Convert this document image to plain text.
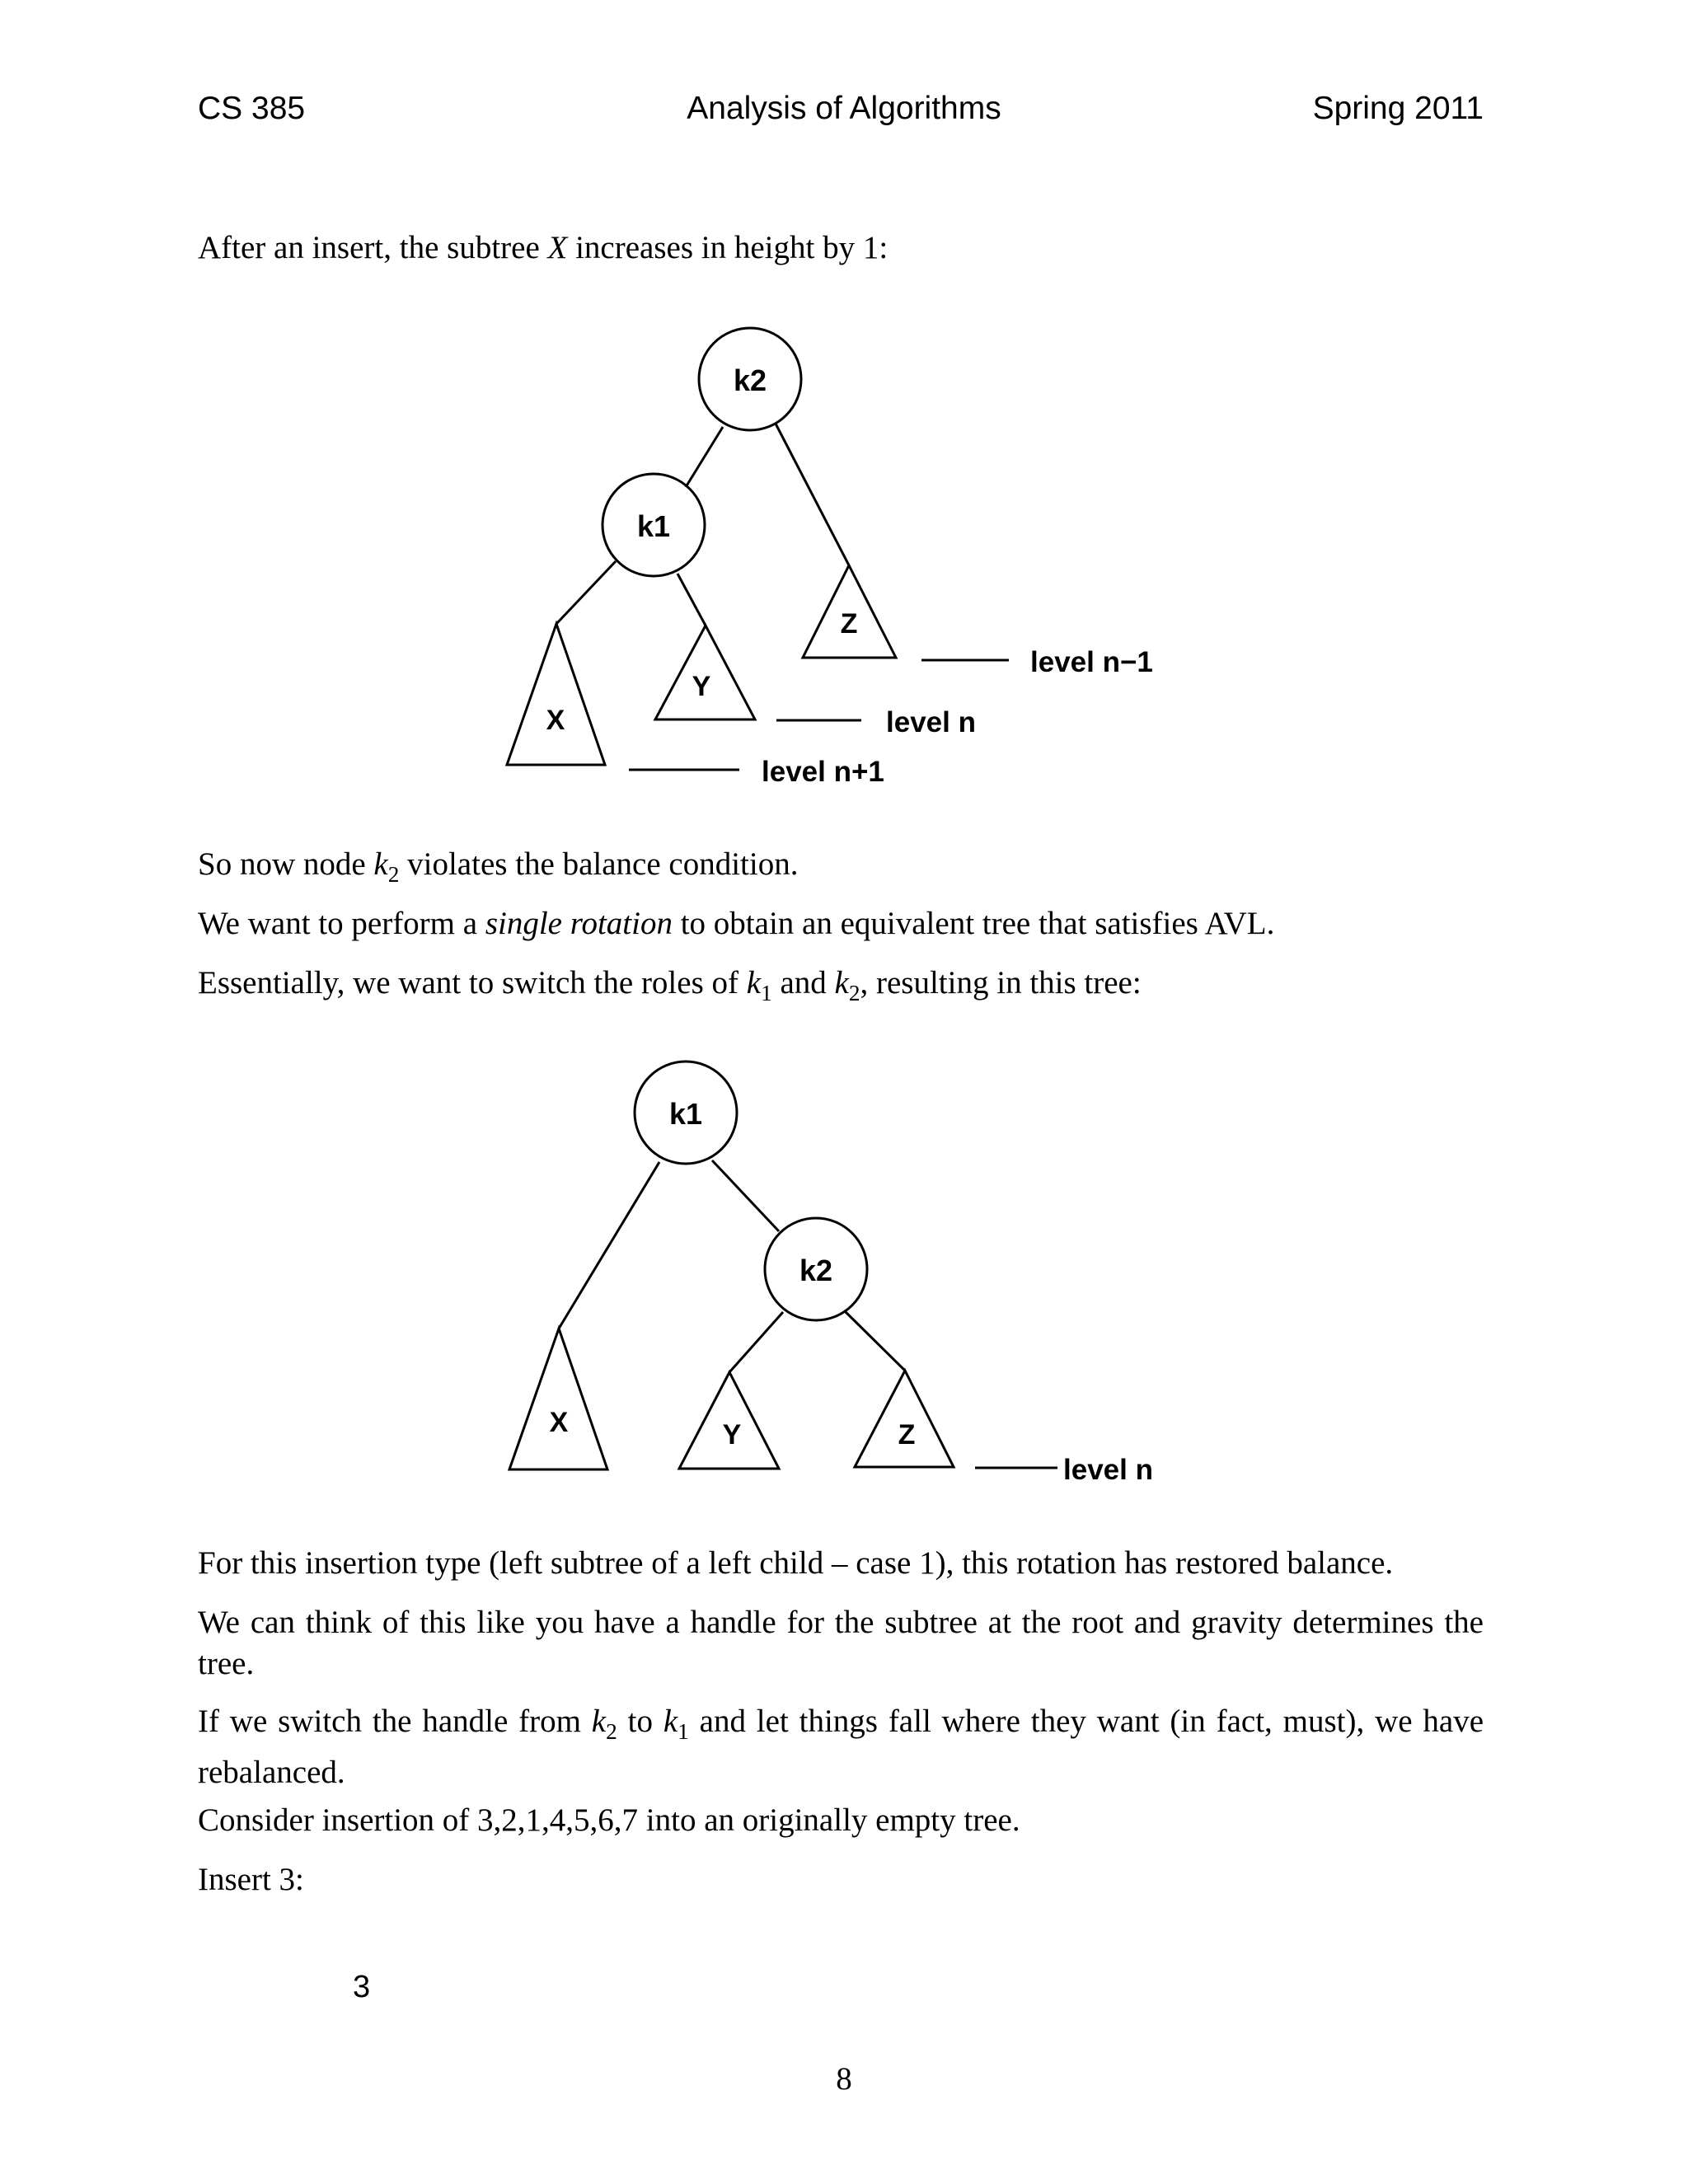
CS 385	Analysis of Algorithms	Spring 2011
After an insert, the subtree X increases in height by 1:
k2
k1
Z
Y
X
level n−1
level n
level n+1
So now node $k_2$ violates the balance condition.
We want to perform a single rotation to obtain an equivalent tree that satisfies AVL.
Essentially, we want to switch the roles of $k_1$ and $k_2$, resulting in this tree:
k1
k2
X	Y	Z
level n
For this insertion type (left subtree of a left child – case 1), this rotation has restored balance.
We can think of this like you have a handle for the subtree at the root and gravity determines the tree.
If we switch the handle from $k_2$ to $k_1$ and let things fall where they want (in fact, must), we have rebalanced.
Consider insertion of 3,2,1,4,5,6,7 into an originally empty tree.
Insert 3:
3
8
